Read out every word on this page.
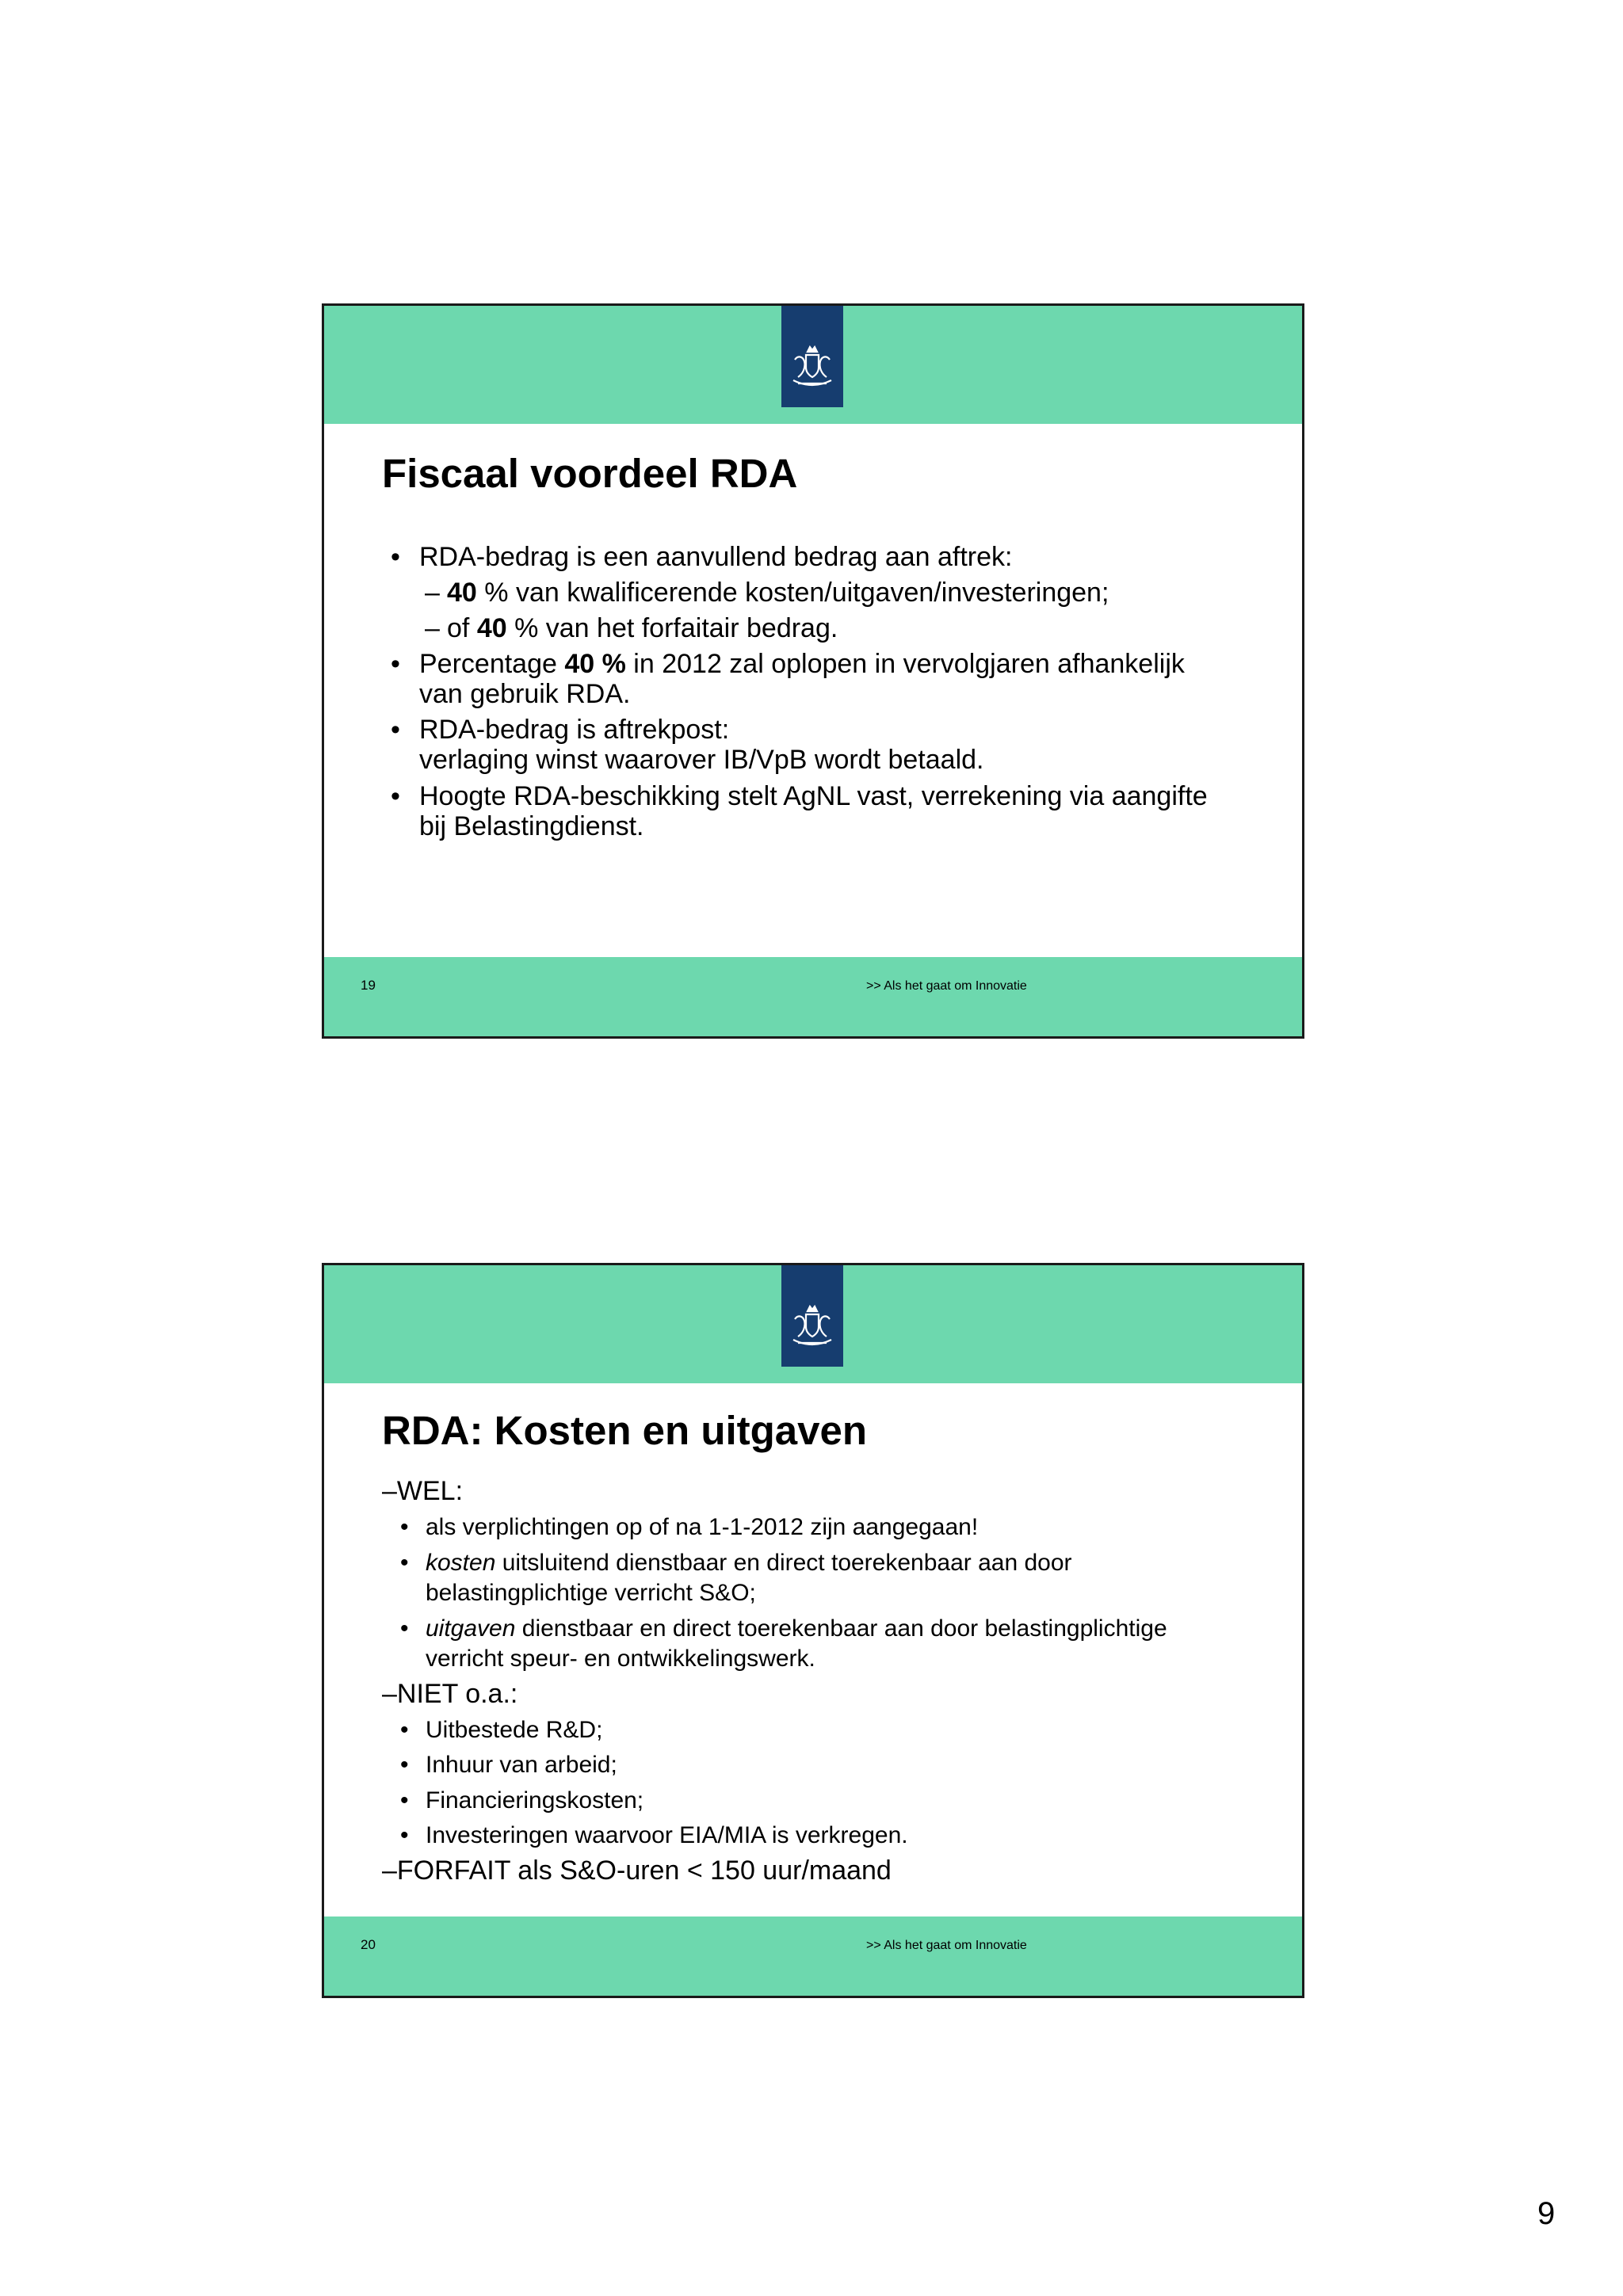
Fiscaal voordeel RDA
• RDA-bedrag is een aanvullend bedrag aan aftrek:
– 40 % van kwalificerende kosten/uitgaven/investeringen;
– of 40 % van het forfaitair bedrag.
• Percentage 40 % in 2012 zal oplopen in vervolgjaren afhankelijk
van gebruik RDA.
• RDA-bedrag is aftrekpost:
verlaging winst waarover IB/VpB wordt betaald.
• Hoogte RDA-beschikking stelt AgNL vast, verrekening via aangifte
bij Belastingdienst.
19	>> Als het gaat om Innovatie
RDA: Kosten en uitgaven
–WEL:
• als verplichtingen op of na 1-1-2012 zijn aangegaan!
• kosten uitsluitend dienstbaar en direct toerekenbaar aan door
belastingplichtige verricht S&O;
• uitgaven dienstbaar en direct toerekenbaar aan door belastingplichtige
verricht speur- en ontwikkelingswerk.
–NIET o.a.:
• Uitbestede R&D;
• Inhuur van arbeid;
• Financieringskosten;
• Investeringen waarvoor EIA/MIA is verkregen.
–FORFAIT als S&O-uren < 150 uur/maand
20	>> Als het gaat om Innovatie
9
